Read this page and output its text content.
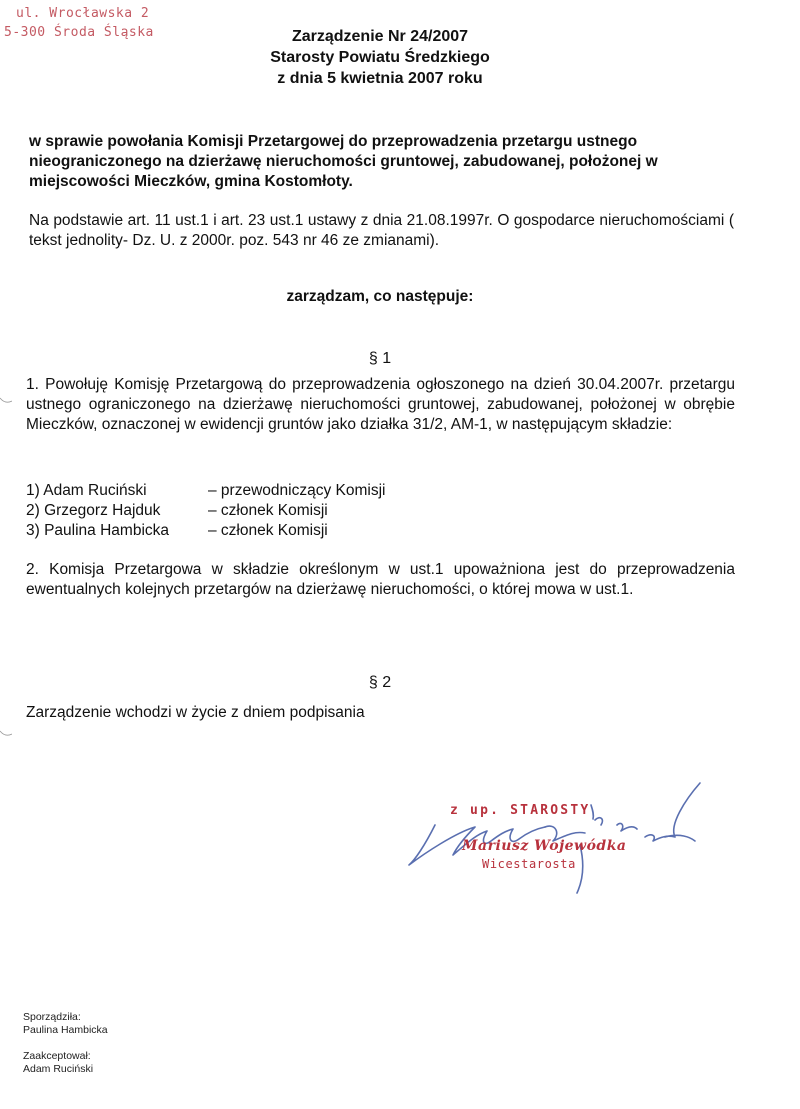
ul. Wrocławska 2
5-300 Środa Śląska	Zarządzenie Nr 24/2007
Starosty Powiatu Średzkiego
z dnia 5 kwietnia 2007 roku
w sprawie powołania Komisji Przetargowej do przeprowadzenia przetargu ustnego nieograniczonego na dzierżawę nieruchomości gruntowej, zabudowanej, położonej w miejscowości Mieczków, gmina Kostomłoty.
Na podstawie art. 11 ust.1 i art. 23 ust.1 ustawy z dnia 21.08.1997r. O gospodarce nieruchomościami ( tekst jednolity- Dz. U. z 2000r. poz. 543 nr 46 ze zmianami).
zarządzam, co następuje:
§ 1
1. Powołuję Komisję Przetargową do przeprowadzenia ogłoszonego na dzień 30.04.2007r. przetargu ustnego ograniczonego na dzierżawę nieruchomości gruntowej, zabudowanej, położonej w obrębie Mieczków, oznaczonej w ewidencji gruntów jako działka 31/2, AM-1, w następującym składzie:
1) Adam Ruciński	– przewodniczący Komisji
2) Grzegorz Hajduk	– członek Komisji
3) Paulina Hambicka	– członek Komisji
2. Komisja Przetargowa w składzie określonym w ust.1 upoważniona jest do przeprowadzenia ewentualnych kolejnych przetargów na dzierżawę nieruchomości, o której mowa w ust.1.
§ 2
Zarządzenie wchodzi w życie z dniem podpisania
z up. STAROSTY
Mariusz Wojewódka
Wicestarosta
Sporządziła:
Paulina Hambicka
Zaakceptował:
Adam Ruciński
